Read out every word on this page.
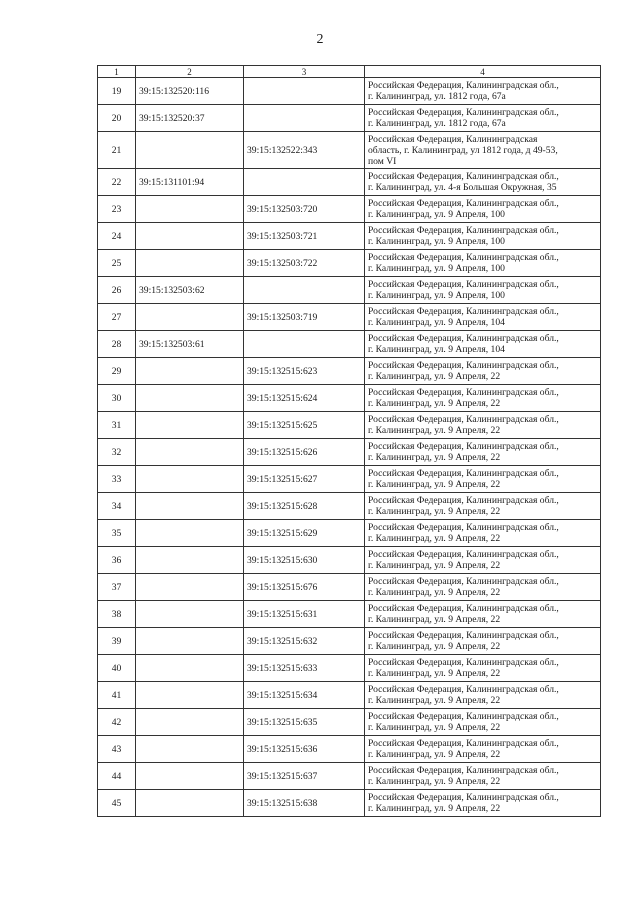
2
1	2	3	4
19	39:15:132520:116		Российская Федерация, Калининградская обл.,
г. Калининград, ул. 1812 года, 67а

20	39:15:132520:37		Российская Федерация, Калининградская обл.,
г. Калининград, ул. 1812 года, 67а

21		39:15:132522:343	Российская Федерация, Калининградская
область, г. Калининград, ул 1812 года, д 49-53,
пом VI

22	39:15:131101:94		Российская Федерация, Калининградская обл.,
г. Калининград, ул. 4-я Большая Окружная, 35

23		39:15:132503:720	Российская Федерация, Калининградская обл.,
г. Калининград, ул. 9 Апреля, 100

24		39:15:132503:721	Российская Федерация, Калининградская обл.,
г. Калининград, ул. 9 Апреля, 100

25		39:15:132503:722	Российская Федерация, Калининградская обл.,
г. Калининград, ул. 9 Апреля, 100

26	39:15:132503:62		Российская Федерация, Калининградская обл.,
г. Калининград, ул. 9 Апреля, 100

27		39:15:132503:719	Российская Федерация, Калининградская обл.,
г. Калининград, ул. 9 Апреля, 104

28	39:15:132503:61		Российская Федерация, Калининградская обл.,
г. Калининград, ул. 9 Апреля, 104

29		39:15:132515:623	Российская Федерация, Калининградская обл.,
г. Калининград, ул. 9 Апреля, 22

30		39:15:132515:624	Российская Федерация, Калининградская обл.,
г. Калининград, ул. 9 Апреля, 22

31		39:15:132515:625	Российская Федерация, Калининградская обл.,
г. Калининград, ул. 9 Апреля, 22

32		39:15:132515:626	Российская Федерация, Калининградская обл.,
г. Калининград, ул. 9 Апреля, 22

33		39:15:132515:627	Российская Федерация, Калининградская обл.,
г. Калининград, ул. 9 Апреля, 22

34		39:15:132515:628	Российская Федерация, Калининградская обл.,
г. Калининград, ул. 9 Апреля, 22

35		39:15:132515:629	Российская Федерация, Калининградская обл.,
г. Калининград, ул. 9 Апреля, 22

36		39:15:132515:630	Российская Федерация, Калининградская обл.,
г. Калининград, ул. 9 Апреля, 22

37		39:15:132515:676	Российская Федерация, Калининградская обл.,
г. Калининград, ул. 9 Апреля, 22

38		39:15:132515:631	Российская Федерация, Калининградская обл.,
г. Калининград, ул. 9 Апреля, 22

39		39:15:132515:632	Российская Федерация, Калининградская обл.,
г. Калининград, ул. 9 Апреля, 22

40		39:15:132515:633	Российская Федерация, Калининградская обл.,
г. Калининград, ул. 9 Апреля, 22

41		39:15:132515:634	Российская Федерация, Калининградская обл.,
г. Калининград, ул. 9 Апреля, 22

42		39:15:132515:635	Российская Федерация, Калининградская обл.,
г. Калининград, ул. 9 Апреля, 22

43		39:15:132515:636	Российская Федерация, Калининградская обл.,
г. Калининград, ул. 9 Апреля, 22

44		39:15:132515:637	Российская Федерация, Калининградская обл.,
г. Калининград, ул. 9 Апреля, 22

45		39:15:132515:638	Российская Федерация, Калининградская обл.,
г. Калининград, ул. 9 Апреля, 22
